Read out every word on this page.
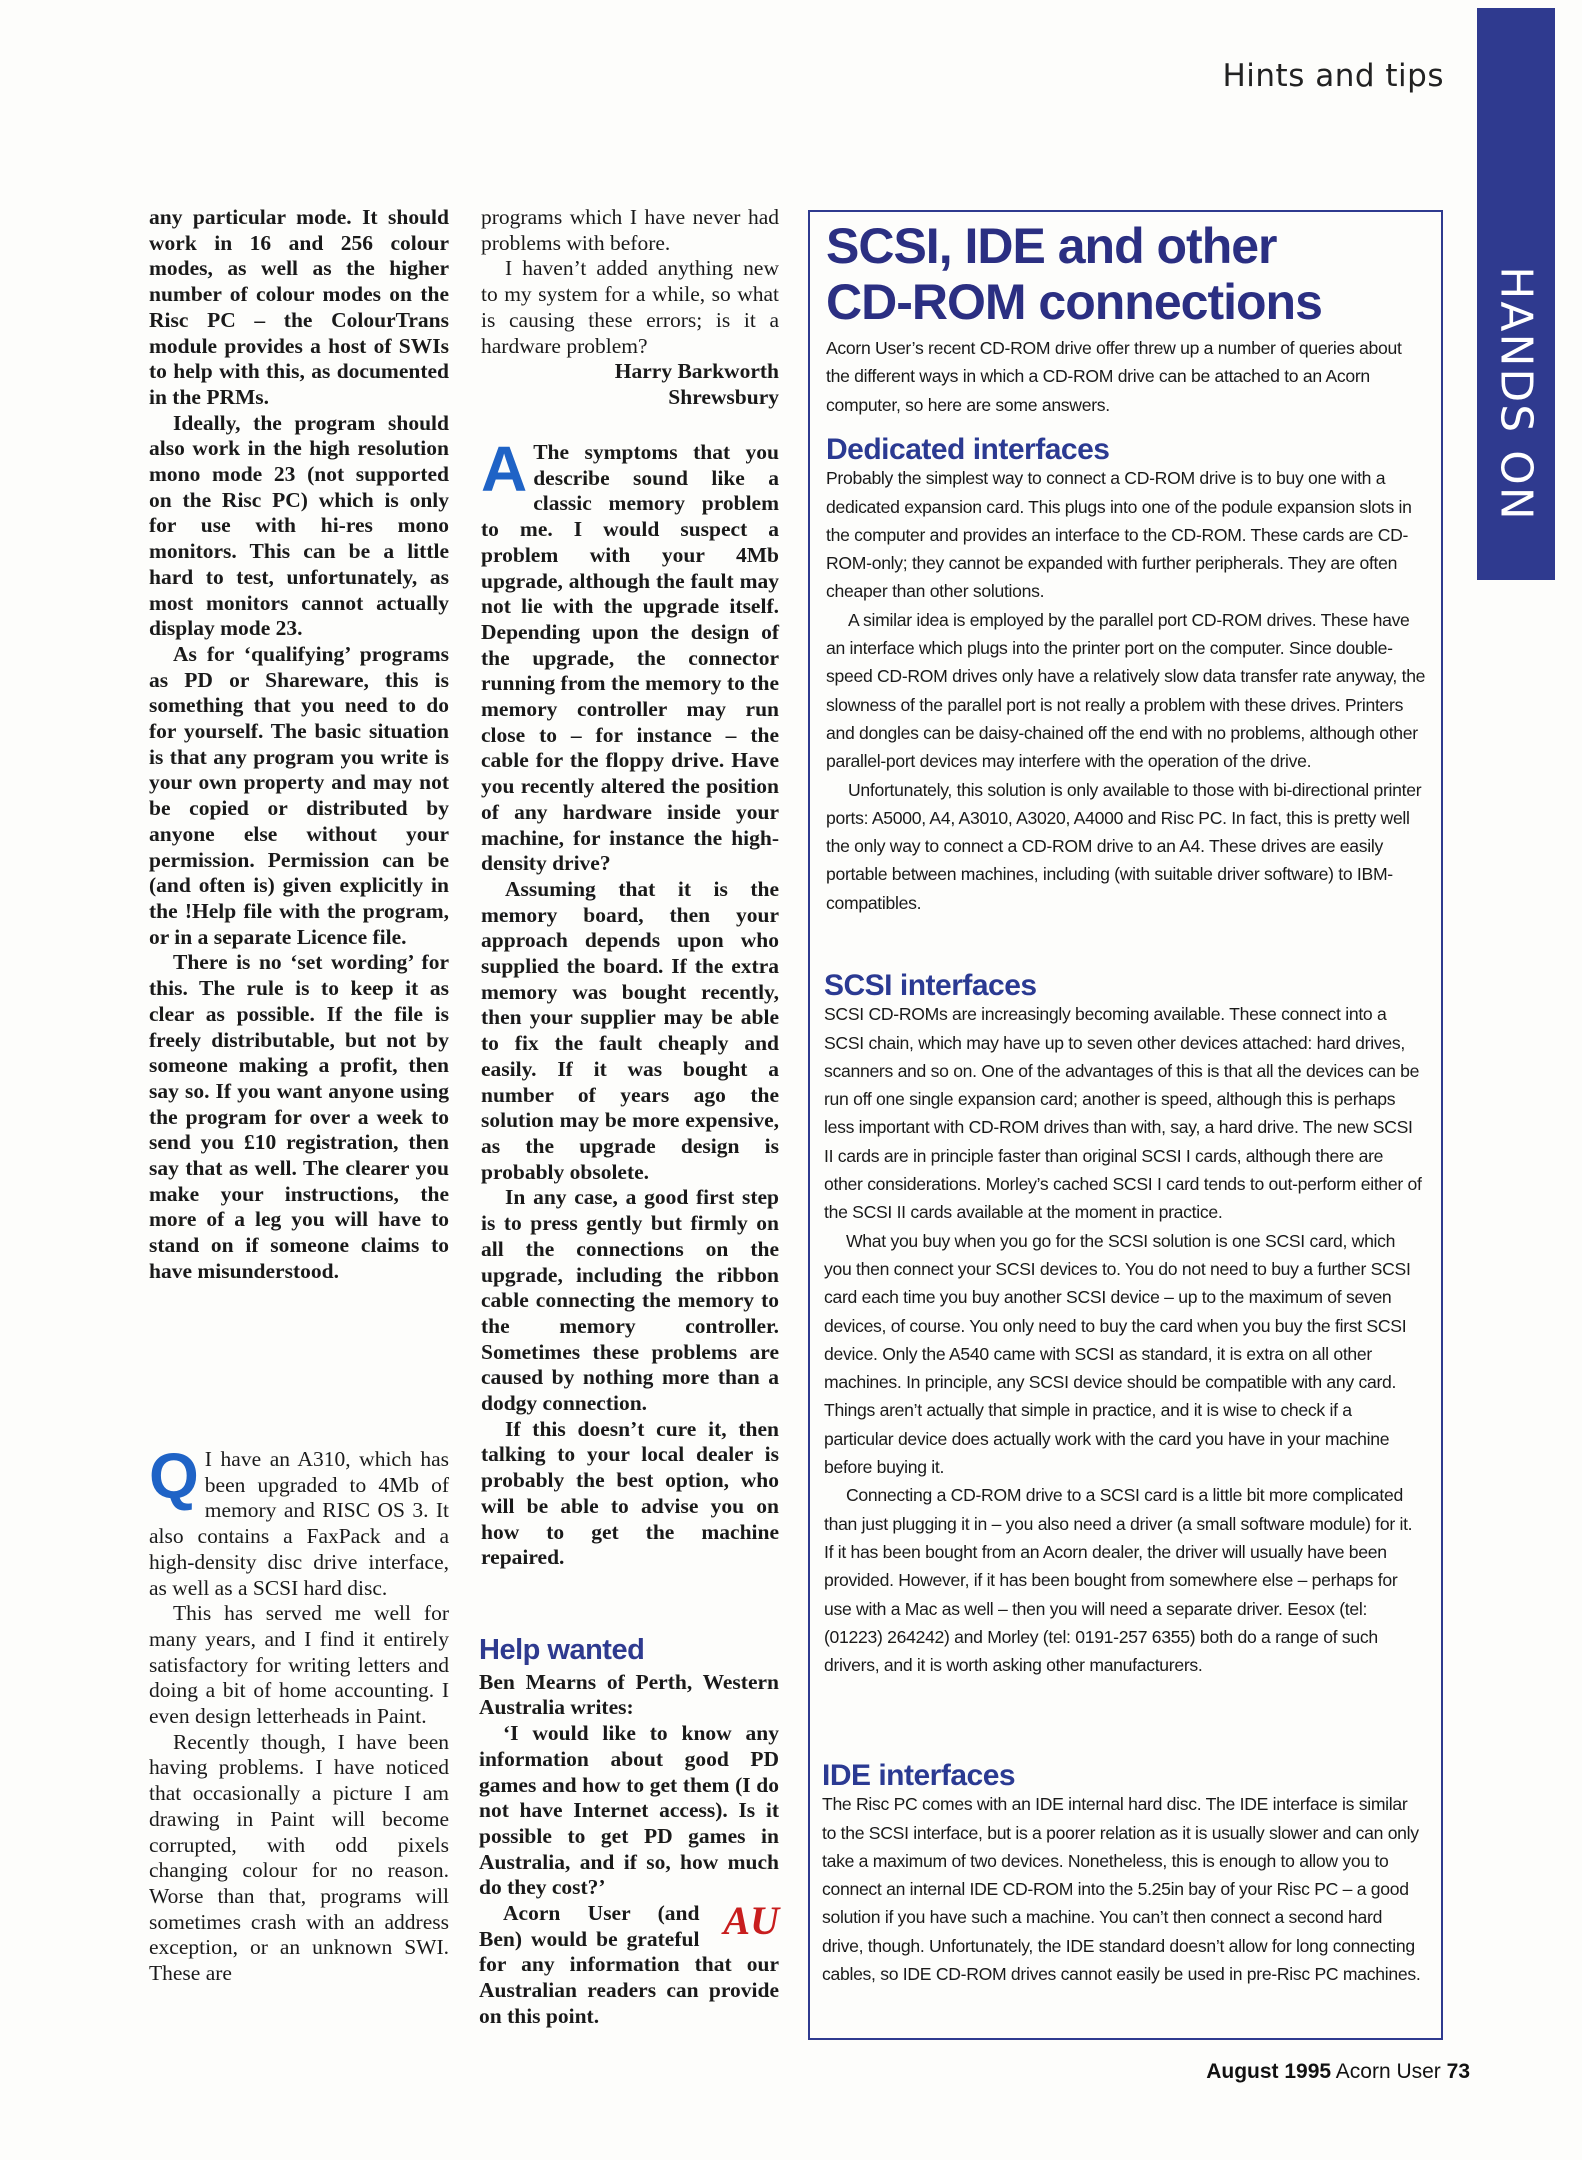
Hints and tips
HANDS ON

any particular mode. It should work in 16 and 256 colour modes, as well as the higher number of colour modes on the Risc PC – the ColourTrans module provides a host of SWIs to help with this, as documented in the PRMs.

Ideally, the program should also work in the high resolution mono mode 23 (not supported on the Risc PC) which is only for use with hi-res mono monitors. This can be a little hard to test, unfortunately, as most monitors cannot actually display mode 23.

As for ‘qualifying’ programs as PD or Shareware, this is something that you need to do for yourself. The basic situation is that any program you write is your own property and may not be copied or distributed by anyone else without your permission. Permission can be (and often is) given explicitly in the !Help file with the program, or in a separate Licence file.

There is no ‘set wording’ for this. The rule is to keep it as clear as possible. If the file is freely distributable, but not by someone making a profit, then say so. If you want anyone using the program for over a week to send you £10 registration, then say that as well. The clearer you make your instructions, the more of a leg you will have to stand on if someone claims to have misunderstood.

Q I have an A310, which has been upgraded to 4Mb of memory and RISC OS 3. It also contains a FaxPack and a high-density disc drive interface, as well as a SCSI hard disc.

This has served me well for many years, and I find it entirely satisfactory for writing letters and doing a bit of home accounting. I even design letterheads in Paint.

Recently though, I have been having problems. I have noticed that occasionally a picture I am drawing in Paint will become corrupted, with odd pixels changing colour for no reason. Worse than that, programs will sometimes crash with an address exception, or an unknown SWI. These are

programs which I have never had problems with before.

I haven’t added anything new to my system for a while, so what is causing these errors; is it a hardware problem?

Harry Barkworth
Shrewsbury
A The symptoms that you describe sound like a classic memory problem to me. I would suspect a problem with your 4Mb upgrade, although the fault may not lie with the upgrade itself. Depending upon the design of the upgrade, the connector running from the memory to the memory controller may run close to – for instance – the cable for the floppy drive. Have you recently altered the position of any hardware inside your machine, for instance the high-density drive?

Assuming that it is the memory board, then your approach depends upon who supplied the board. If the extra memory was bought recently, then your supplier may be able to fix the fault cheaply and easily. If it was bought a number of years ago the solution may be more expensive, as the upgrade design is probably obsolete.

In any case, a good first step is to press gently but firmly on all the connections on the upgrade, including the ribbon cable connecting the memory to the memory controller. Sometimes these problems are caused by nothing more than a dodgy connection.

If this doesn’t cure it, then talking to your local dealer is probably the best option, who will be able to advise you on how to get the machine repaired.

Help wanted

Ben Mearns of Perth, Western Australia writes:

‘I would like to know any information about good PD games and how to get them (I do not have Internet access). Is it possible to get PD games in Australia, and if so, how much do they cost?’

AU
Acorn User (and Ben) would be grateful for any information that our Australian readers can provide on this point.

SCSI, IDE and other
CD-ROM connections

Acorn User’s recent CD-ROM drive offer threw up a number of queries about the different ways in which a CD-ROM drive can be attached to an Acorn computer, so here are some answers.

Dedicated interfaces

Probably the simplest way to connect a CD-ROM drive is to buy one with a dedicated expansion card. This plugs into one of the podule expansion slots in the computer and provides an interface to the CD-ROM. These cards are CD-ROM-only; they cannot be expanded with further peripherals. They are often cheaper than other solutions.

A similar idea is employed by the parallel port CD-ROM drives. These have an interface which plugs into the printer port on the computer. Since double-speed CD-ROM drives only have a relatively slow data transfer rate anyway, the slowness of the parallel port is not really a problem with these drives. Printers and dongles can be daisy-chained off the end with no problems, although other parallel-port devices may interfere with the operation of the drive.

Unfortunately, this solution is only available to those with bi-directional printer ports: A5000, A4, A3010, A3020, A4000 and Risc PC. In fact, this is pretty well the only way to connect a CD-ROM drive to an A4. These drives are easily portable between machines, including (with suitable driver software) to IBM-compatibles.

SCSI interfaces

SCSI CD-ROMs are increasingly becoming available. These connect into a SCSI chain, which may have up to seven other devices attached: hard drives, scanners and so on. One of the advantages of this is that all the devices can be run off one single expansion card; another is speed, although this is perhaps less important with CD-ROM drives than with, say, a hard drive. The new SCSI II cards are in principle faster than original SCSI I cards, although there are other considerations. Morley’s cached SCSI I card tends to out-perform either of the SCSI II cards available at the moment in practice.

What you buy when you go for the SCSI solution is one SCSI card, which you then connect your SCSI devices to. You do not need to buy a further SCSI card each time you buy another SCSI device – up to the maximum of seven devices, of course. You only need to buy the card when you buy the first SCSI device. Only the A540 came with SCSI as standard, it is extra on all other machines. In principle, any SCSI device should be compatible with any card. Things aren’t actually that simple in practice, and it is wise to check if a particular device does actually work with the card you have in your machine before buying it.

Connecting a CD-ROM drive to a SCSI card is a little bit more complicated than just plugging it in – you also need a driver (a small software module) for it. If it has been bought from an Acorn dealer, the driver will usually have been provided. However, if it has been bought from somewhere else – perhaps for use with a Mac as well – then you will need a separate driver. Eesox (tel: (01223) 264242) and Morley (tel: 0191-257 6355) both do a range of such drivers, and it is worth asking other manufacturers.

IDE interfaces

The Risc PC comes with an IDE internal hard disc. The IDE interface is similar to the SCSI interface, but is a poorer relation as it is usually slower and can only take a maximum of two devices. Nonetheless, this is enough to allow you to connect an internal IDE CD-ROM into the 5.25in bay of your Risc PC – a good solution if you have such a machine. You can’t then connect a second hard drive, though. Unfortunately, the IDE standard doesn’t allow for long connecting cables, so IDE CD-ROM drives cannot easily be used in pre-Risc PC machines.

August 1995 Acorn User 73
